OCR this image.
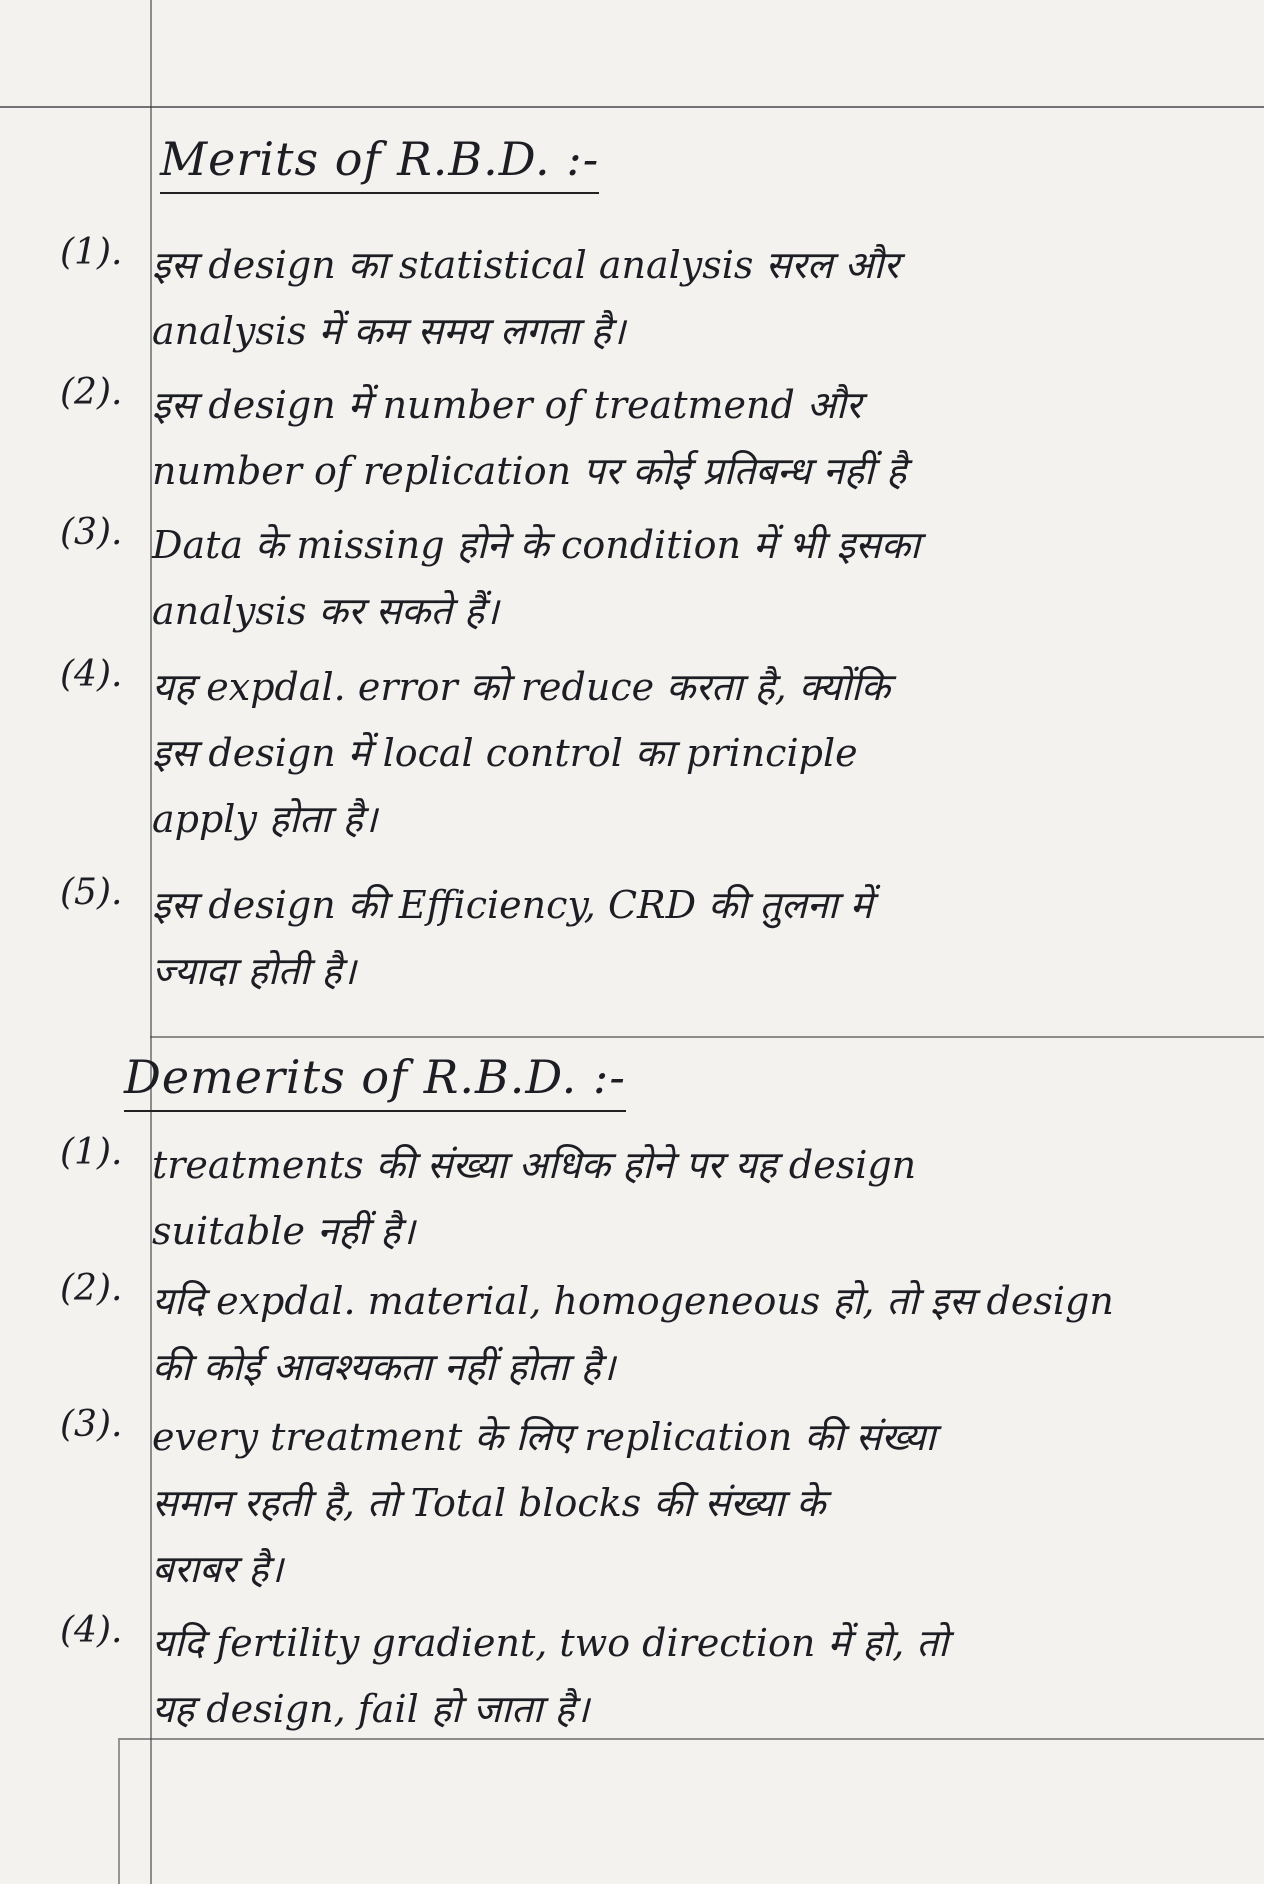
Merits of R.B.D. :-
(1). इस design का statistical analysis सरल और
analysis में कम समय लगता है।
(2). इस design में number of treatmend और
number of replication पर कोई प्रतिबन्ध नहीं है
(3). Data के missing होने के condition में भी इसका
analysis कर सकते हैं।
(4). यह expdal. error को reduce करता है, क्योंकि
इस design में local control का principle
apply होता है।
(5). इस design की Efficiency, CRD की तुलना में
ज्यादा होती है।
Demerits of R.B.D. :-
(1). treatments की संख्या अधिक होने पर यह design
suitable नहीं है।
(2). यदि expdal. material, homogeneous हो, तो इस design
की कोई आवश्यकता नहीं होता है।
(3). every treatment के लिए replication की संख्या
समान रहती है, तो Total blocks की संख्या के
बराबर है।
(4). यदि fertility gradient, two direction में हो, तो
यह design, fail हो जाता है।
